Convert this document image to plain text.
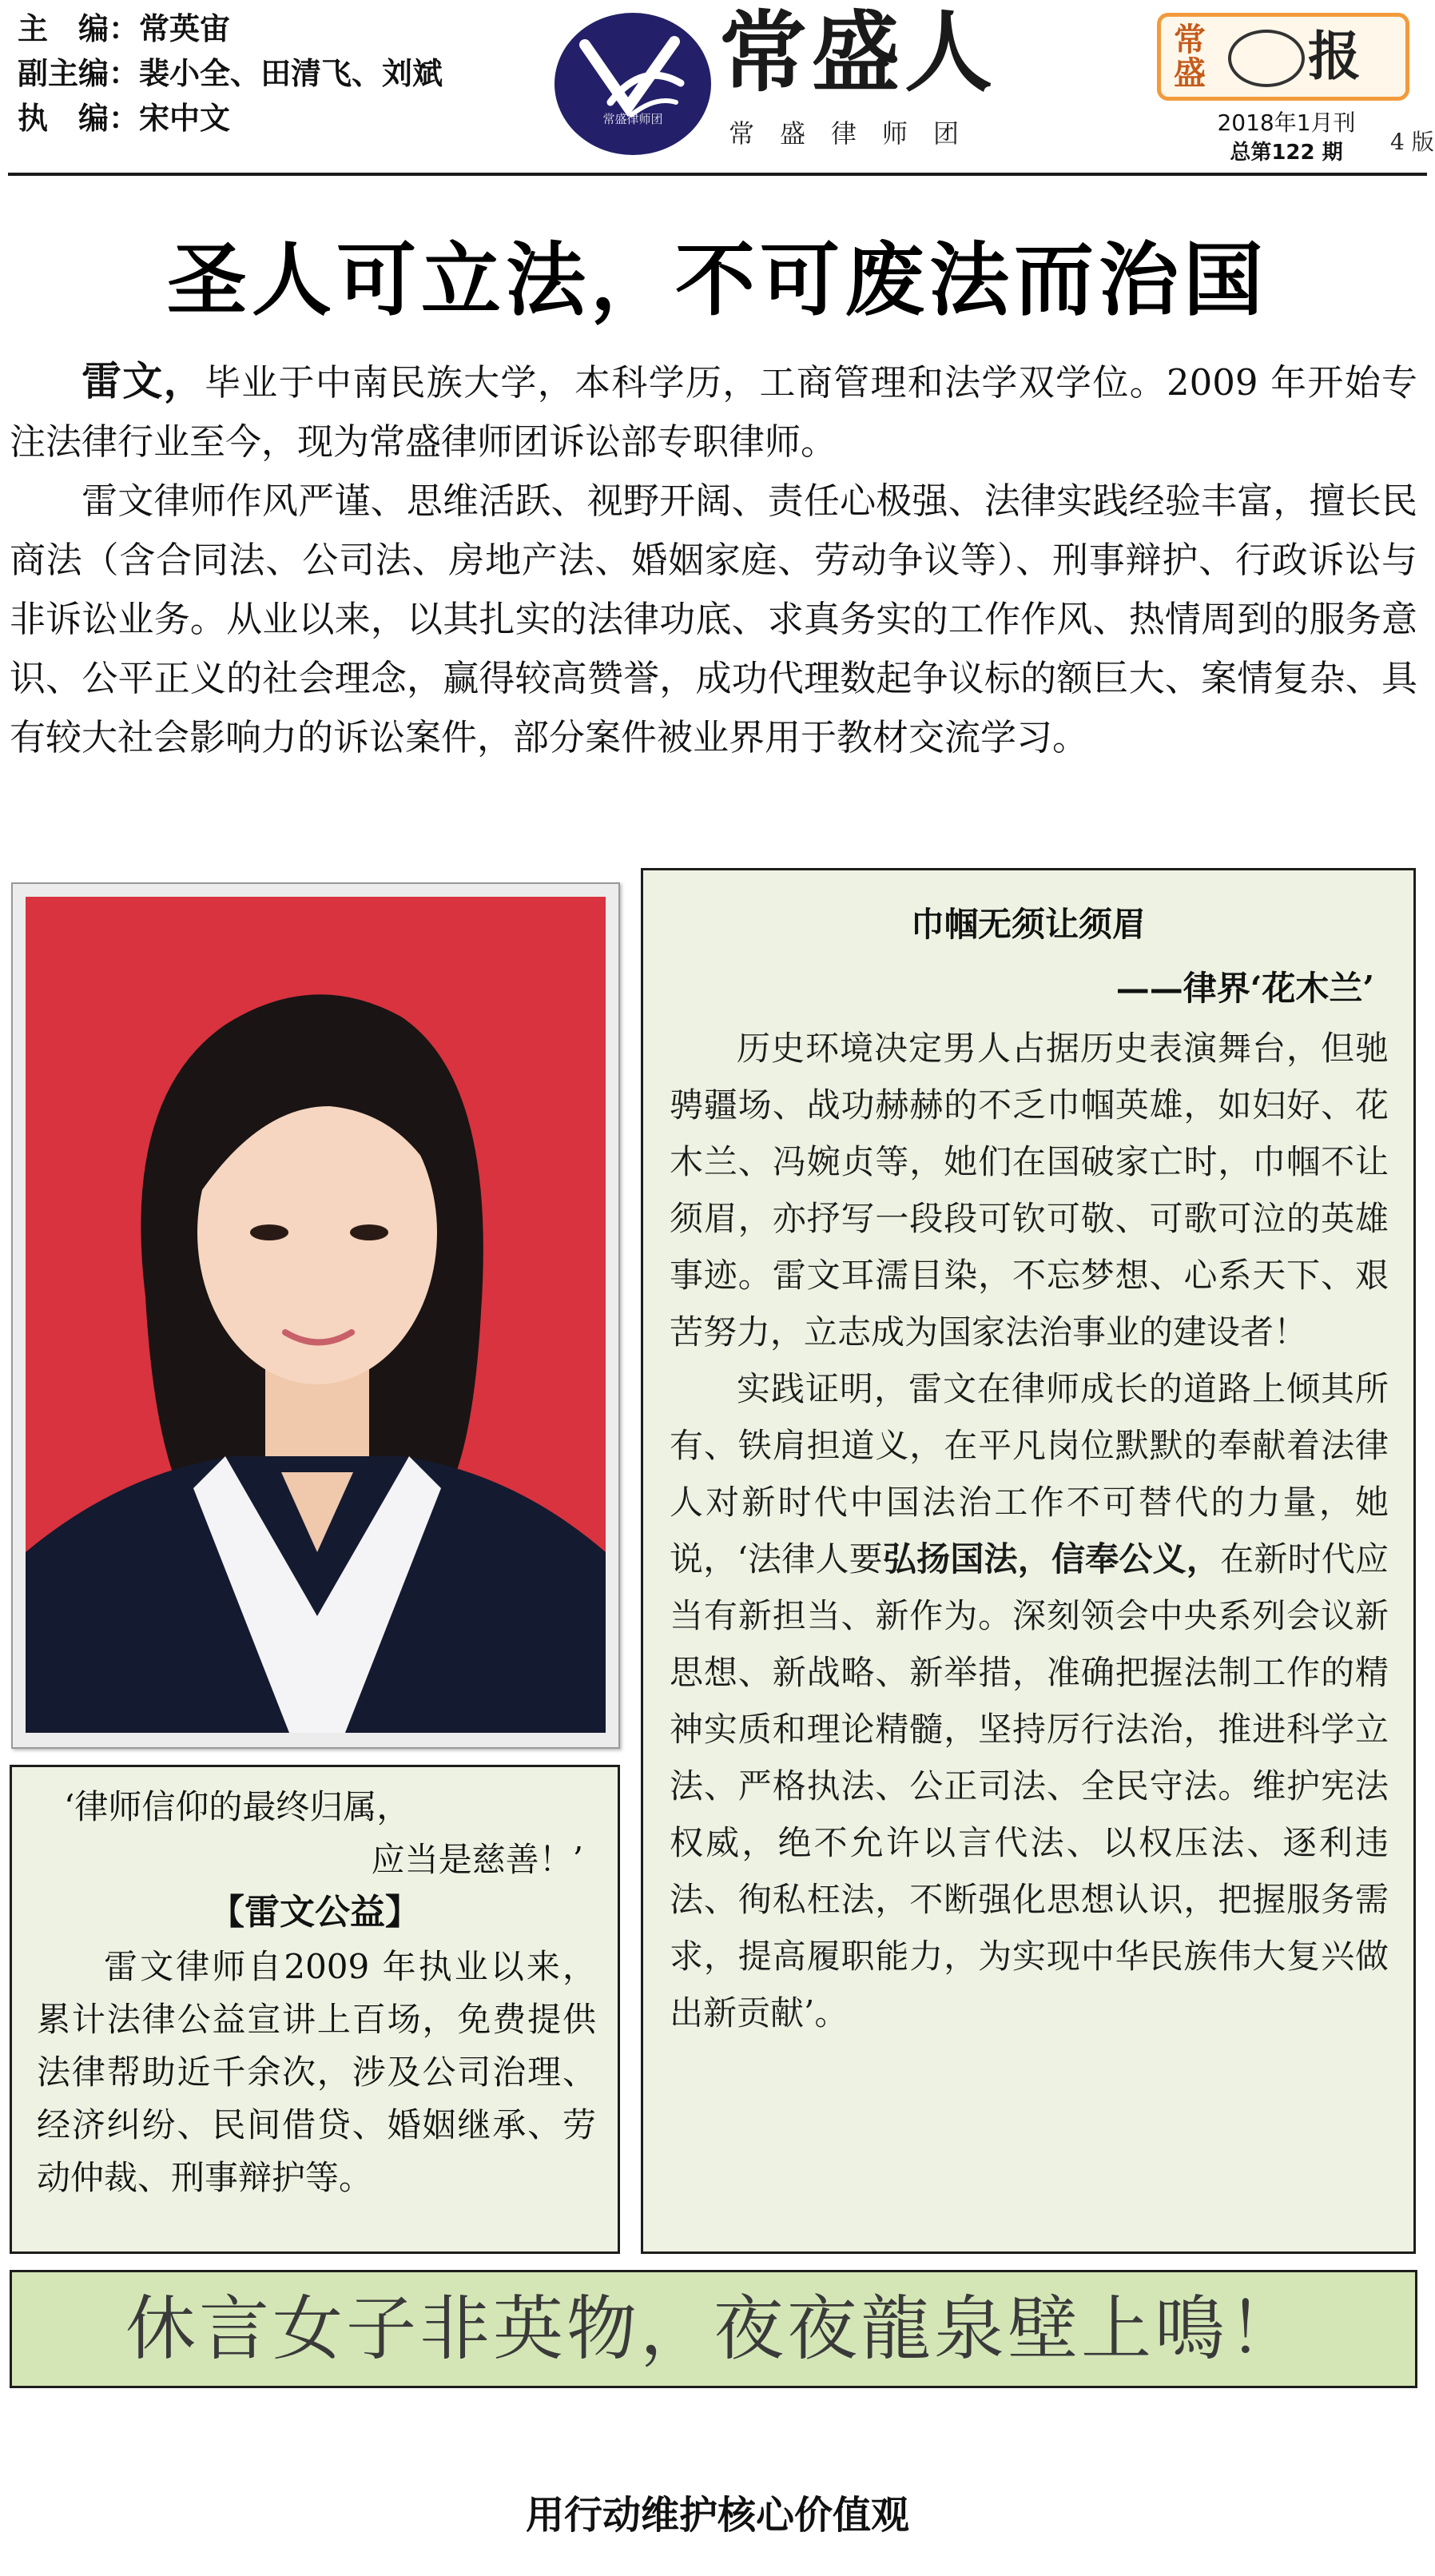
主　编：常英宙
副主编：裴小全、田清飞、刘斌
执　编：宋中文	常盛律师团
常盛人
常盛律师团
常
盛 报
2018年1月刊
总第122 期	4 版
圣人可立法，不可废法而治国

雷文，毕业于中南民族大学，本科学历，工商管理和法学双学位。2009 年开始专注法律行业至今，现为常盛律师团诉讼部专职律师。

雷文律师作风严谨、思维活跃、视野开阔、责任心极强、法律实践经验丰富，擅长民商法（含合同法、公司法、房地产法、婚姻家庭、劳动争议等）、刑事辩护、行政诉讼与非诉讼业务。从业以来，以其扎实的法律功底、求真务实的工作作风、热情周到的服务意识、公平正义的社会理念，赢得较高赞誉，成功代理数起争议标的额巨大、案情复杂、具有较大社会影响力的诉讼案件，部分案件被业界用于教材交流学习。

巾帼无须让须眉
——律界‘花木兰’

历史环境决定男人占据历史表演舞台，但驰骋疆场、战功赫赫的不乏巾帼英雄，如妇好、花木兰、冯婉贞等，她们在国破家亡时，巾帼不让须眉，亦抒写一段段可钦可敬、可歌可泣的英雄事迹。雷文耳濡目染，不忘梦想、心系天下、艰苦努力，立志成为国家法治事业的建设者！

实践证明，雷文在律师成长的道路上倾其所有、铁肩担道义，在平凡岗位默默的奉献着法律人对新时代中国法治工作不可替代的力量，她说，‘法律人要弘扬国法，信奉公义，在新时代应当有新担当、新作为。深刻领会中央系列会议新思想、新战略、新举措，准确把握法制工作的精神实质和理论精髓，坚持厉行法治，推进科学立法、严格执法、公正司法、全民守法。维护宪法权威，绝不允许以言代法、以权压法、逐利违法、徇私枉法，不断强化思想认识，把握服务需求，提高履职能力，为实现中华民族伟大复兴做出新贡献’。

‘律师信仰的最终归属，
应当是慈善！’
【雷文公益】

雷文律师自2009 年执业以来，累计法律公益宣讲上百场，免费提供法律帮助近千余次，涉及公司治理、经济纠纷、民间借贷、婚姻继承、劳动仲裁、刑事辩护等。

休言女子非英物，夜夜龍泉壁上鳴！
用行动维护核心价值观
